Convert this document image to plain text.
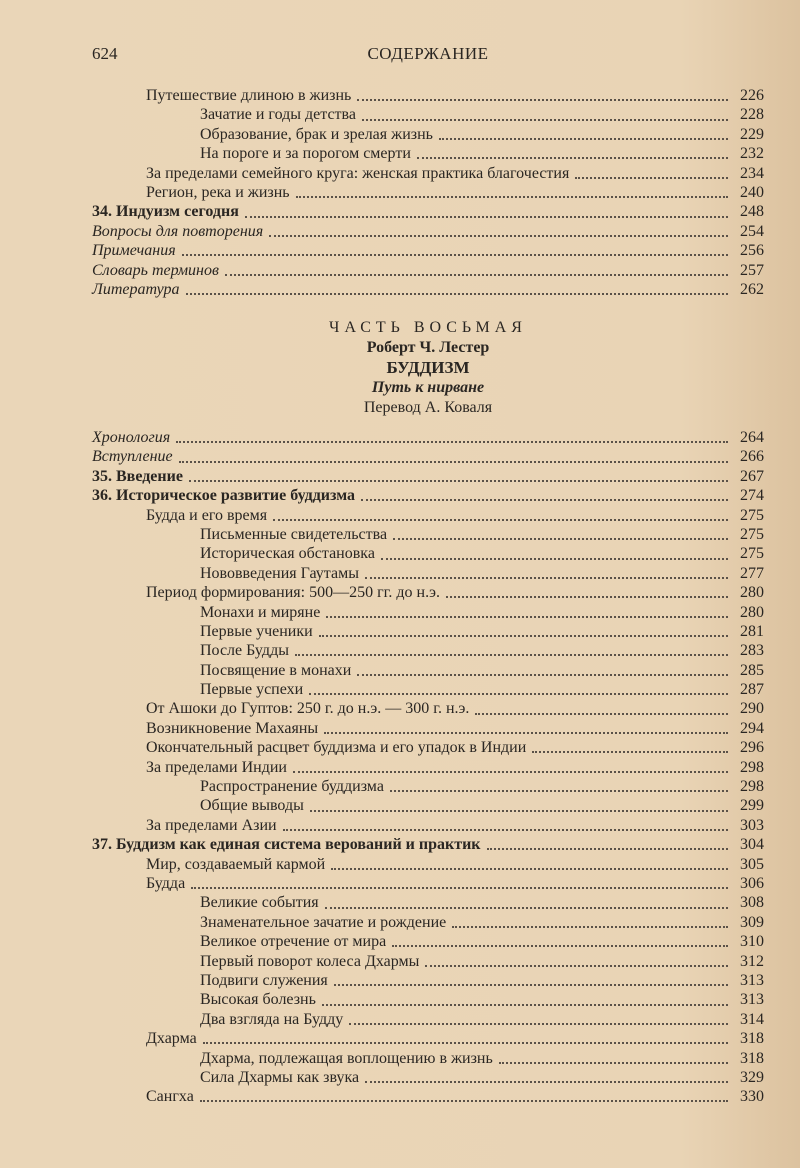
624	СОДЕРЖАНИЕ
Путешествие длиною в жизнь	226
Зачатие и годы детства	228
Образование, брак и зрелая жизнь	229
На пороге и за порогом смерти	232
За пределами семейного круга: женская практика благочестия	234
Регион, река и жизнь	240
34. Индуизм сегодня	248
Вопросы для повторения	254
Примечания	256
Словарь терминов	257
Литература	262
ЧАСТЬ ВОСЬМАЯ
Роберт Ч. Лестер
БУДДИЗМ
Путь к нирване
Перевод А. Коваля
Хронология	264
Вступление	266
35. Введение	267
36. Историческое развитие буддизма	274
Будда и его время	275
Письменные свидетельства	275
Историческая обстановка	275
Нововведения Гаутамы	277
Период формирования: 500—250 гг. до н.э.	280
Монахи и миряне	280
Первые ученики	281
После Будды	283
Посвящение в монахи	285
Первые успехи	287
От Ашоки до Гуптов: 250 г. до н.э. — 300 г. н.э.	290
Возникновение Махаяны	294
Окончательный расцвет буддизма и его упадок в Индии	296
За пределами Индии	298
Распространение буддизма	298
Общие выводы	299
За пределами Азии	303
37. Буддизм как единая система верований и практик	304
Мир, создаваемый кармой	305
Будда	306
Великие события	308
Знаменательное зачатие и рождение	309
Великое отречение от мира	310
Первый поворот колеса Дхармы	312
Подвиги служения	313
Высокая болезнь	313
Два взгляда на Будду	314
Дхарма	318
Дхарма, подлежащая воплощению в жизнь	318
Сила Дхармы как звука	329
Сангха	330
